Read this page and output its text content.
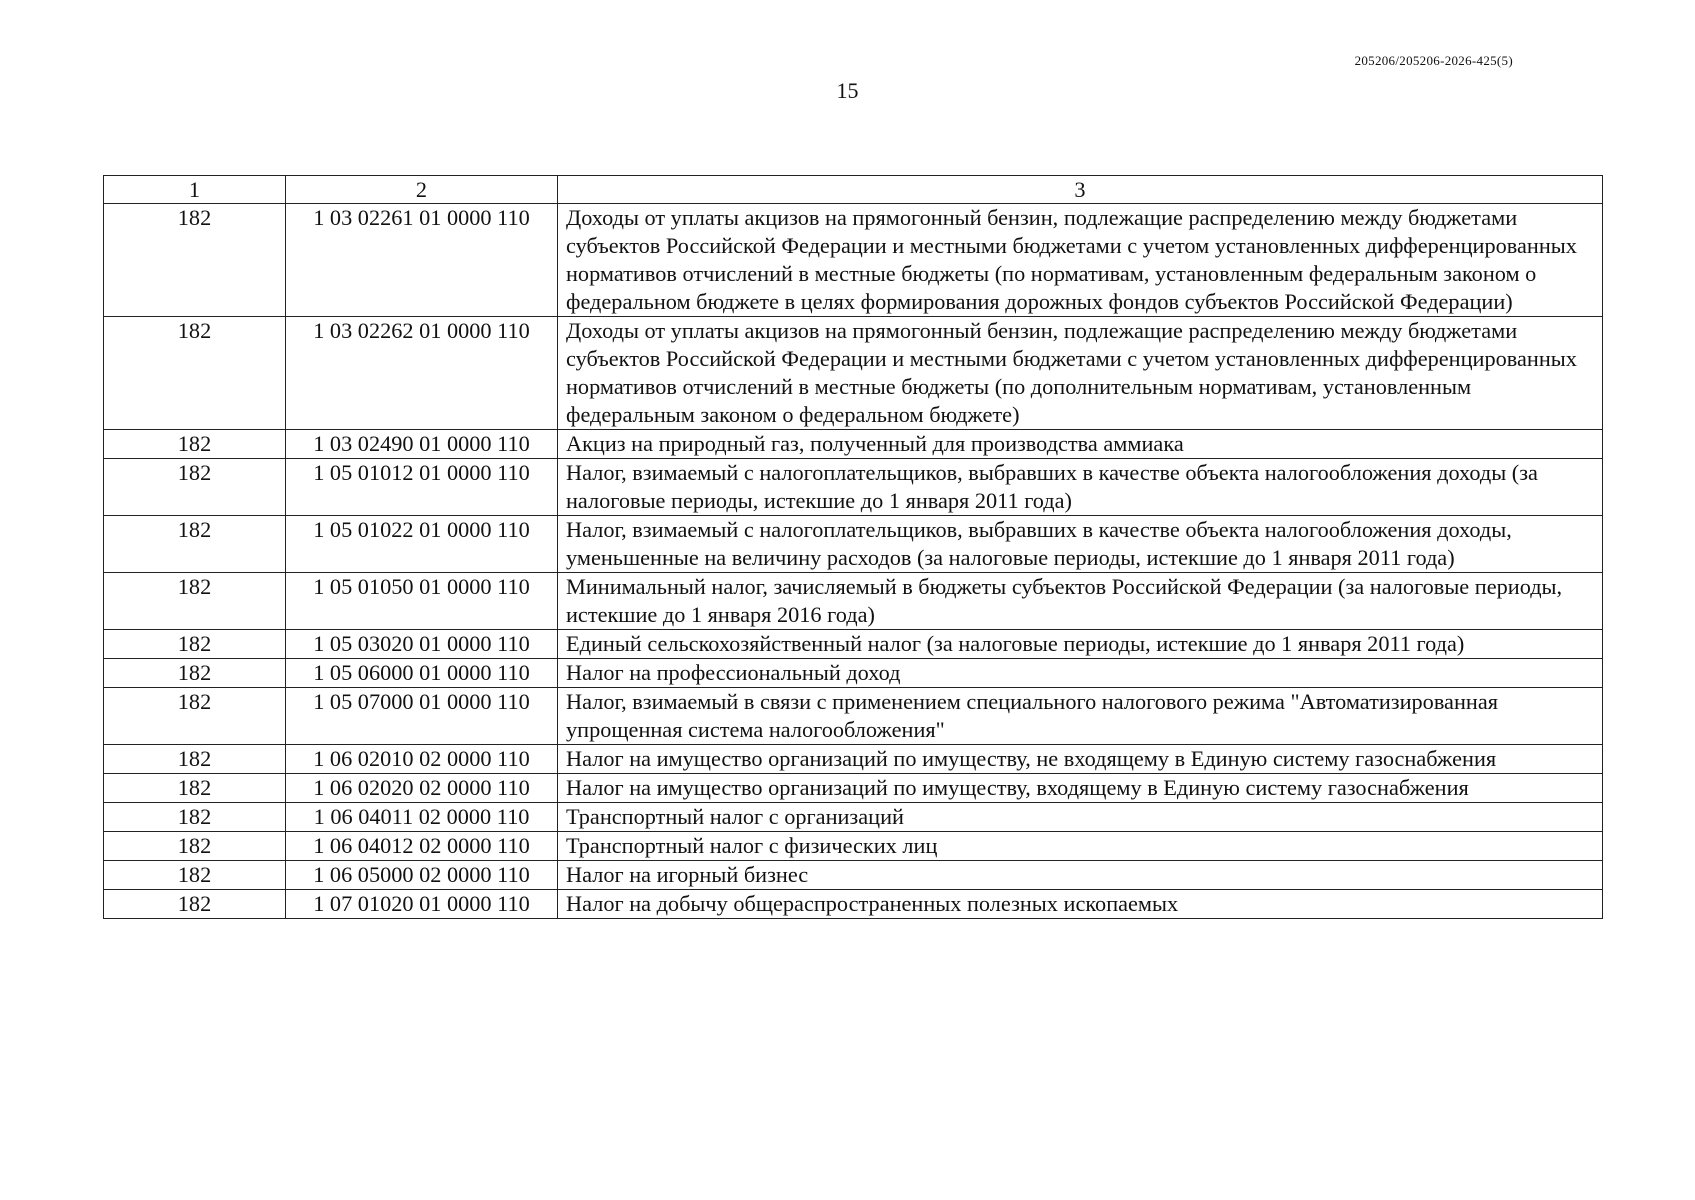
205206/205206-2026-425(5)
15
1	2	3
182	1 03 02261 01 0000 110	Доходы от уплаты акцизов на прямогонный бензин, подлежащие распределению между бюджетами субъектов Российской Федерации и местными бюджетами с учетом установленных дифференцированных нормативов отчислений в местные бюджеты (по нормативам, установленным федеральным законом о федеральном бюджете в целях формирования дорожных фондов субъектов Российской Федерации)
182	1 03 02262 01 0000 110	Доходы от уплаты акцизов на прямогонный бензин, подлежащие распределению между бюджетами субъектов Российской Федерации и местными бюджетами с учетом установленных дифференцированных нормативов отчислений в местные бюджеты (по дополнительным нормативам, установленным федеральным законом о федеральном бюджете)
182	1 03 02490 01 0000 110	Акциз на природный газ, полученный для производства аммиака
182	1 05 01012 01 0000 110	Налог, взимаемый с налогоплательщиков, выбравших в качестве объекта налогообложения доходы (за налоговые периоды, истекшие до 1 января 2011 года)
182	1 05 01022 01 0000 110	Налог, взимаемый с налогоплательщиков, выбравших в качестве объекта налогообложения доходы, уменьшенные на величину расходов (за налоговые периоды, истекшие до 1 января 2011 года)
182	1 05 01050 01 0000 110	Минимальный налог, зачисляемый в бюджеты субъектов Российской Федерации (за налоговые периоды, истекшие до 1 января 2016 года)
182	1 05 03020 01 0000 110	Единый сельскохозяйственный налог (за налоговые периоды, истекшие до 1 января 2011 года)
182	1 05 06000 01 0000 110	Налог на профессиональный доход
182	1 05 07000 01 0000 110	Налог, взимаемый в связи с применением специального налогового режима "Автоматизированная упрощенная система налогообложения"
182	1 06 02010 02 0000 110	Налог на имущество организаций по имуществу, не входящему в Единую систему газоснабжения
182	1 06 02020 02 0000 110	Налог на имущество организаций по имуществу, входящему в Единую систему газоснабжения
182	1 06 04011 02 0000 110	Транспортный налог с организаций
182	1 06 04012 02 0000 110	Транспортный налог с физических лиц
182	1 06 05000 02 0000 110	Налог на игорный бизнес
182	1 07 01020 01 0000 110	Налог на добычу общераспространенных полезных ископаемых
